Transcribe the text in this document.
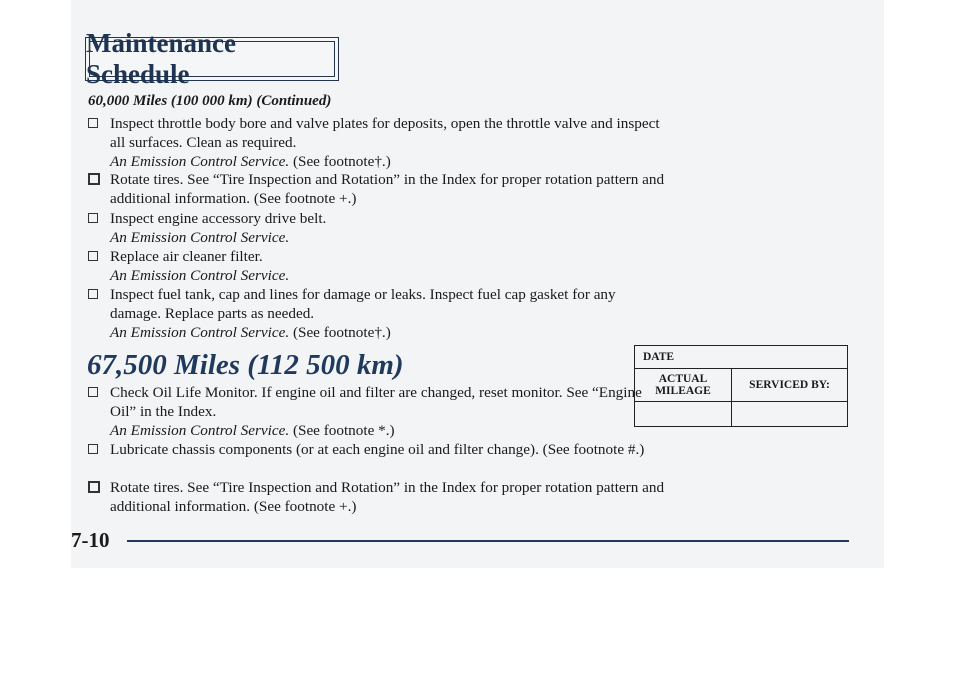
Maintenance Schedule
60,000 Miles (100 000 km) (Continued)
Inspect throttle body bore and valve plates for deposits, open the throttle valve and inspect all surfaces. Clean as required.
An Emission Control Service. (See footnote†.)
Rotate tires. See “Tire Inspection and Rotation” in the Index for proper rotation pattern and additional information. (See footnote +.)
Inspect engine accessory drive belt.
An Emission Control Service.
Replace air cleaner filter.
An Emission Control Service.
Inspect fuel tank, cap and lines for damage or leaks. Inspect fuel cap gasket for any damage. Replace parts as needed.
An Emission Control Service. (See footnote†.)
67,500 Miles (112 500 km)
Check Oil Life Monitor. If engine oil and filter are changed, reset monitor. See “Engine Oil” in the Index.
An Emission Control Service. (See footnote *.)
Lubricate chassis components (or at each engine oil and filter change). (See footnote #.)
Rotate tires. See “Tire Inspection and Rotation” in the Index for proper rotation pattern and additional information. (See footnote +.)
DATE	
ACTUAL MILEAGE	SERVICED BY:

7-10
